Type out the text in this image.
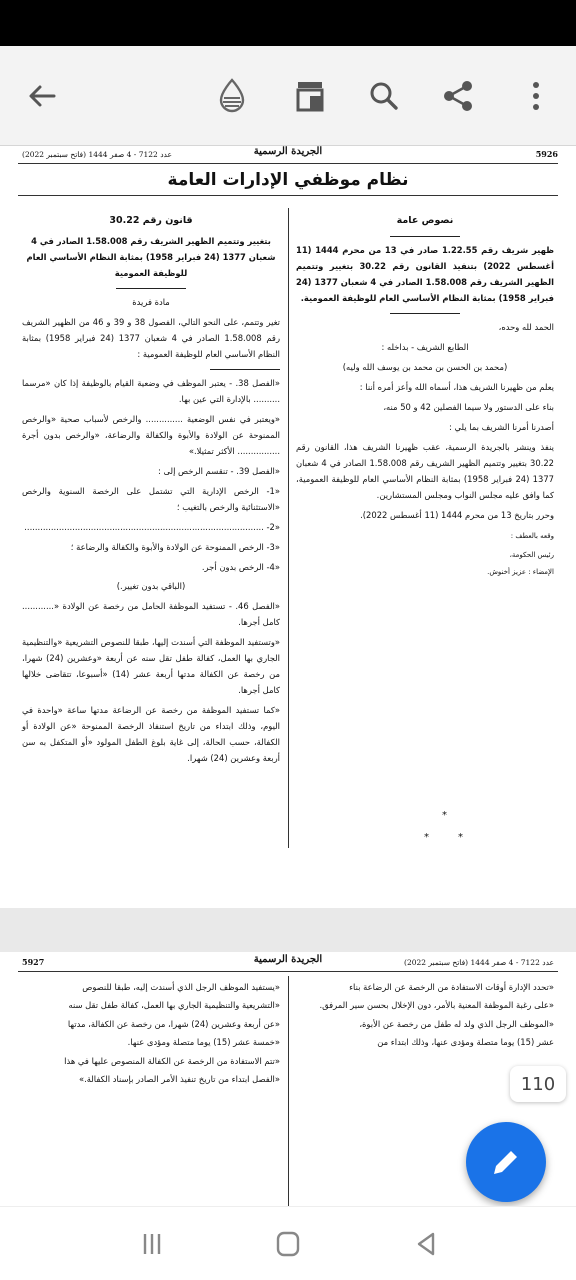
5926
الجريدة الرسمية
عدد 7122 - 4 صفر 1444 (فاتح سبتمبر 2022)
نظام موظفي الإدارات العامة
نصوص عامة
ظهير شريف رقم 1.22.55 صادر في 13 من محرم 1444 (11 أغسطس 2022) بتنفيذ القانون رقم 30.22 بتغيير وتتميم الظهير الشريف رقم 1.58.008 الصادر في 4 شعبان 1377 (24 فبراير 1958) بمثابة النظام الأساسي العام للوظيفة العمومية.
الحمد لله وحده،
الطابع الشريف - بداخله :
(محمد بن الحسن بن محمد بن يوسف الله وليه)
يعلم من ظهيرنا الشريف هذا، أسماه الله وأعز أمره أننا :
بناء على الدستور ولا سيما الفصلين 42 و 50 منه،
أصدرنا أمرنا الشريف بما يلي :
ينفذ وينشر بالجريدة الرسمية، عقب ظهيرنا الشريف هذا، القانون رقم 30.22 بتغيير وتتميم الظهير الشريف رقم 1.58.008 الصادر في 4 شعبان 1377 (24 فبراير 1958) بمثابة النظام الأساسي العام للوظيفة العمومية، كما وافق عليه مجلس النواب ومجلس المستشارين.
وحرر بتاريخ 13 من محرم 1444 (11 أغسطس 2022).
وقعه بالعطف :
رئيس الحكومة،
الإمضاء : عزيز أخنوش.
قانون رقم 30.22
بتغيير وتتميم الظهير الشريف رقم 1.58.008 الصادر في 4 شعبان 1377 (24 فبراير 1958) بمثابة النظام الأساسي العام للوظيفة العمومية
مادة فريدة
تغير وتتمم، على النحو التالي، الفصول 38 و 39 و 46 من الظهير الشريف رقم 1.58.008 الصادر في 4 شعبان 1377 (24 فبراير 1958) بمثابة النظام الأساسي العام للوظيفة العمومية :
«الفصل 38. - يعتبر الموظف في وضعية القيام بالوظيفة إذا كان «مرسما .......... بالإدارة التي عين بها.
«ويعتبر في نفس الوضعية .............. والرخص لأسباب صحية «والرخص الممنوحة عن الولادة والأبوة والكفالة والرضاعة، «والرخص بدون أجرة ................ الأكثر تمثيلا.»
«الفصل 39. - تنقسم الرخص إلى :
«1- الرخص الإدارية التي تشتمل على الرخصة السنوية والرخص «الاستثنائية والرخص بالتغيب ؛
«2- ..........................................................................................
«3- الرخص الممنوحة عن الولادة والأبوة والكفالة والرضاعة ؛
«4- الرخص بدون أجر.
(الباقي بدون تغيير.)
«الفصل 46. - تستفيد الموظفة الحامل من رخصة عن الولادة «............ كامل أجرها.
«وتستفيد الموظفة التي أسندت إليها، طبقا للنصوص التشريعية «والتنظيمية الجاري بها العمل، كفالة طفل تقل سنه عن أربعة «وعشرين (24) شهرا، من رخصة عن الكفالة مدتها أربعة عشر (14) «أسبوعا، تتقاضى خلالها كامل أجرها.
«كما تستفيد الموظفة من رخصة عن الرضاعة مدتها ساعة «واحدة في اليوم، وذلك ابتداء من تاريخ استنفاذ الرخصة الممنوحة «عن الولادة أو الكفالة، حسب الحالة، إلى غاية بلوغ الطفل المولود «أو المتكفل به سن أربعة وعشرين (24) شهرا.
*
*	*
5927	الجريدة الرسمية	عدد 7122 - 4 صفر 1444 (فاتح سبتمبر 2022)
«تحدد الإدارة أوقات الاستفادة من الرخصة عن الرضاعة بناء
«على رغبة الموظفة المعنية بالأمر، دون الإخلال بحسن سير المرفق.
«الموظف الرجل الذي ولد له طفل من رخصة عن الأبوة،
عشر (15) يوما متصلة ومؤدى عنها، وذلك ابتداء من
«يستفيد الموظف الرجل الذي أسندت إليه، طبقا للنصوص
«التشريعية والتنظيمية الجاري بها العمل، كفالة طفل تقل سنه
«عن أربعة وعشرين (24) شهرا، من رخصة عن الكفالة، مدتها
«خمسة عشر (15) يوما متصلة ومؤدى عنها.
«تتم الاستفادة من الرخصة عن الكفالة المنصوص عليها في هذا
«الفصل ابتداء من تاريخ تنفيذ الأمر الصادر بإسناد الكفالة.»	110
